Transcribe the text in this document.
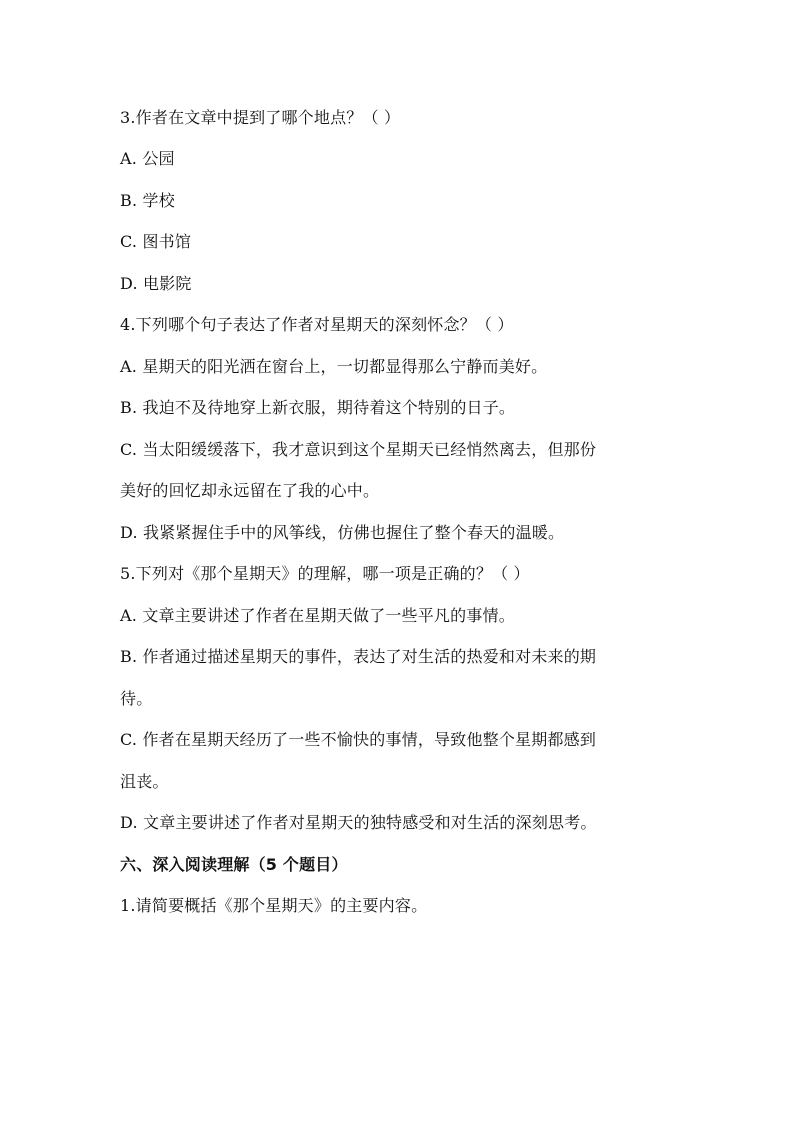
3.作者在文章中提到了哪个地点？（ ）
A. 公园
B. 学校
C. 图书馆
D. 电影院
4.下列哪个句子表达了作者对星期天的深刻怀念？（ ）
A. 星期天的阳光洒在窗台上，一切都显得那么宁静而美好。
B. 我迫不及待地穿上新衣服，期待着这个特别的日子。
C. 当太阳缓缓落下，我才意识到这个星期天已经悄然离去，但那份
美好的回忆却永远留在了我的心中。
D. 我紧紧握住手中的风筝线，仿佛也握住了整个春天的温暖。
5.下列对《那个星期天》的理解，哪一项是正确的？（ ）
A. 文章主要讲述了作者在星期天做了一些平凡的事情。
B. 作者通过描述星期天的事件，表达了对生活的热爱和对未来的期
待。
C. 作者在星期天经历了一些不愉快的事情，导致他整个星期都感到
沮丧。
D. 文章主要讲述了作者对星期天的独特感受和对生活的深刻思考。
六、深入阅读理解（5 个题目）
1.请简要概括《那个星期天》的主要内容。
